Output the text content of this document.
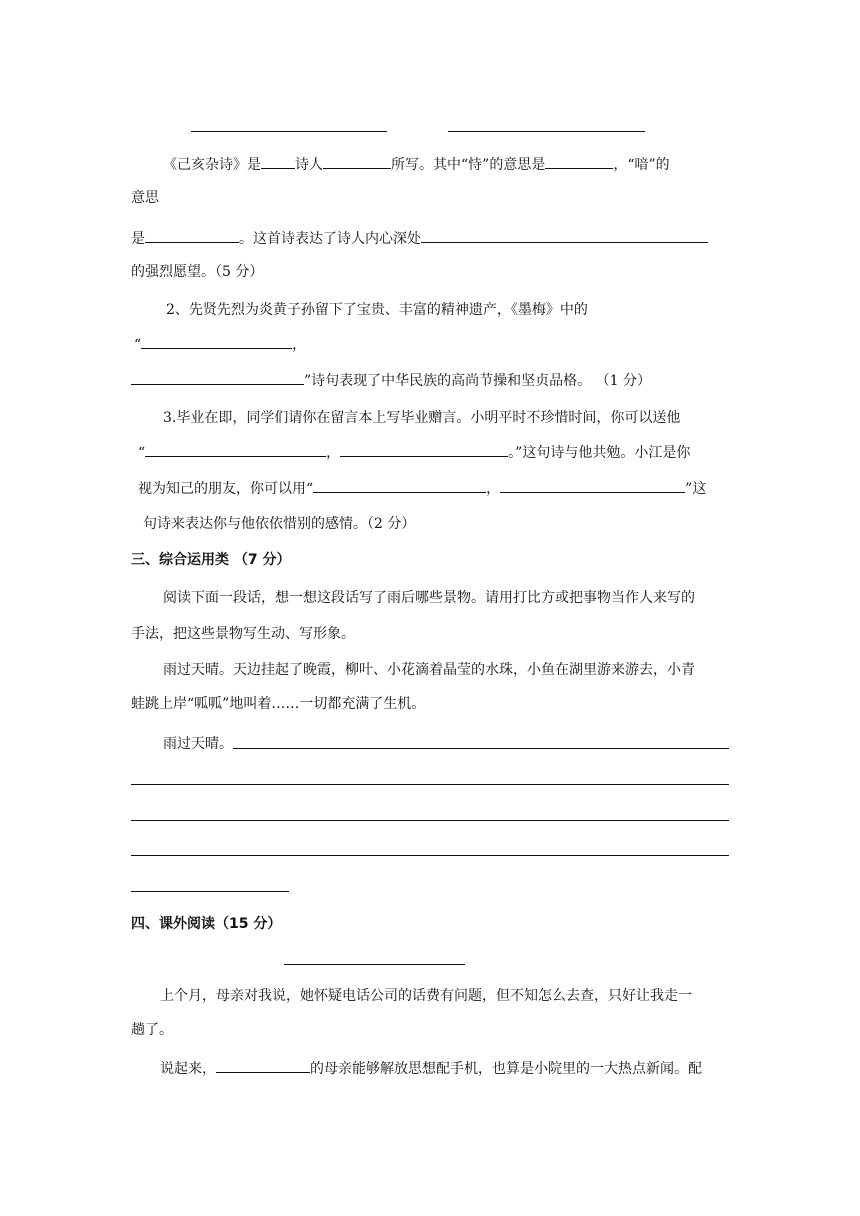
《己亥杂诗》是 诗人	所写。其中“恃”的意思是	，“喑”的
意思
是	。这首诗表达了诗人内心深处
的强烈愿望。（5 分）
2、先贤先烈为炎黄子孙留下了宝贵、丰富的精神遗产，《墨梅》中的
“	，
”诗句表现了中华民族的高尚节操和坚贞品格。 （1 分）
3.毕业在即，同学们请你在留言本上写毕业赠言。小明平时不珍惜时间，你可以送他
“	，	。”这句诗与他共勉。小江是你
视为知己的朋友，你可以用“	，	”这
句诗来表达你与他依依惜别的感情。（2 分）
三、综合运用类 （7 分）
阅读下面一段话，想一想这段话写了雨后哪些景物。请用打比方或把事物当作人来写的
手法，把这些景物写生动、写形象。
雨过天晴。天边挂起了晚霞，柳叶、小花滴着晶莹的水珠，小鱼在湖里游来游去，小青
蛙跳上岸“呱呱”地叫着……一切都充满了生机。
雨过天晴。
四、课外阅读（15 分）
上个月，母亲对我说，她怀疑电话公司的话费有问题，但不知怎么去查，只好让我走一
趟了。
说起来，	的母亲能够解放思想配手机，也算是小院里的一大热点新闻。配
